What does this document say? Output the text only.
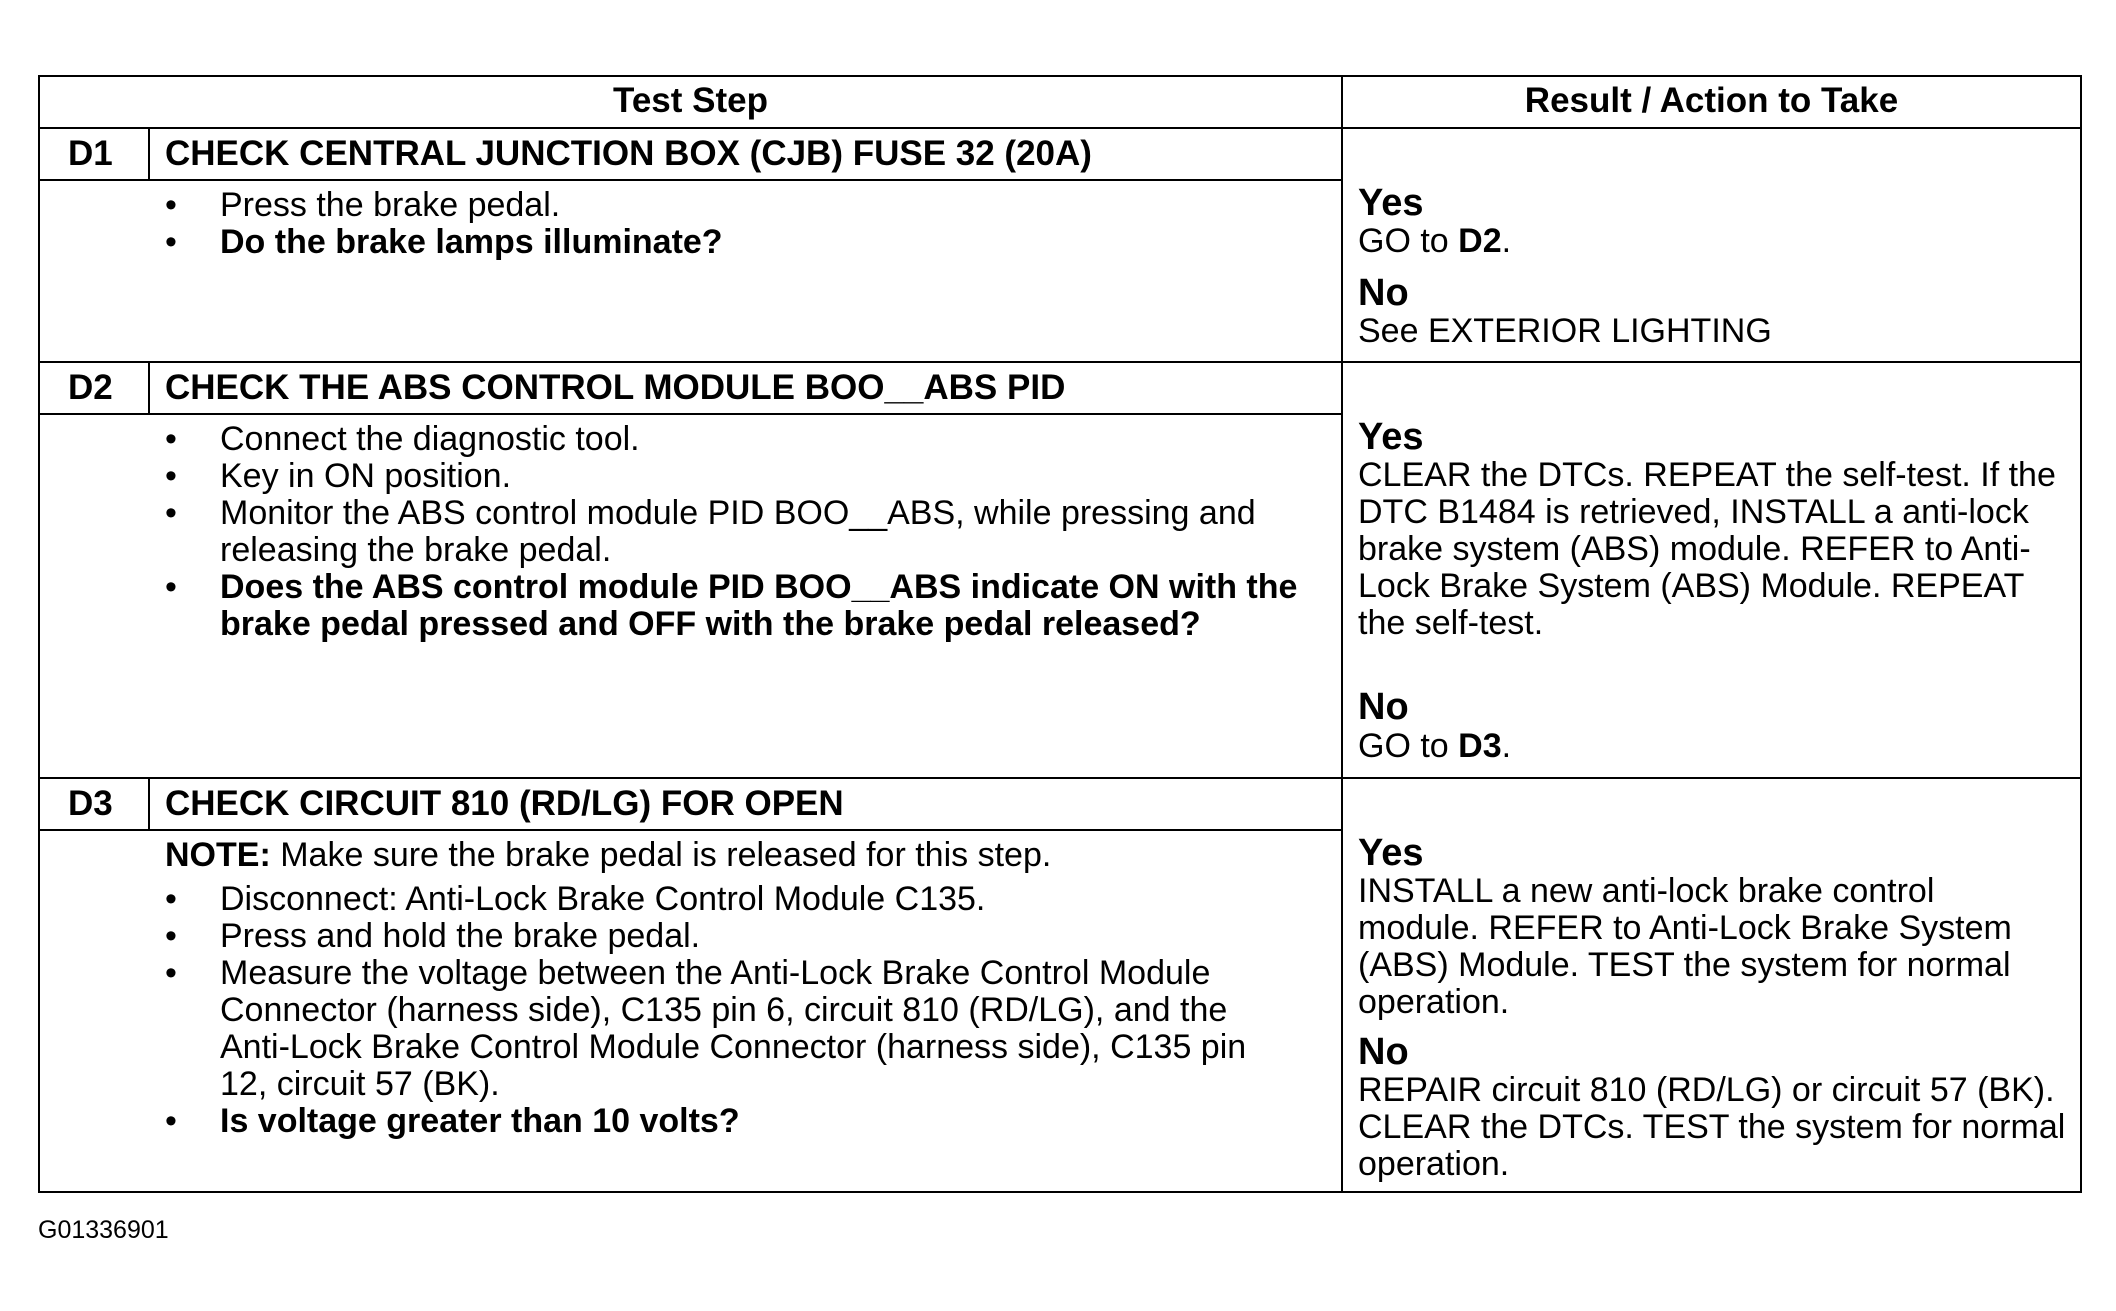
Test Step	Result / Action to Take
D1 CHECK CENTRAL JUNCTION BOX (CJB) FUSE 32 (20A)
• Press the brake pedal.
• Do the brake lamps illuminate?
Yes
GO to D2.
No
See EXTERIOR LIGHTING
D2 CHECK THE ABS CONTROL MODULE BOO__ABS PID
• Connect the diagnostic tool.
• Key in ON position.
• Monitor the ABS control module PID BOO__ABS, while pressing and releasing the brake pedal.
• Does the ABS control module PID BOO__ABS indicate ON with the brake pedal pressed and OFF with the brake pedal released?
Yes
CLEAR the DTCs. REPEAT the self-test. If the DTC B1484 is retrieved, INSTALL a anti-lock brake system (ABS) module. REFER to Anti-Lock Brake System (ABS) Module. REPEAT the self-test.
No
GO to D3.
D3 CHECK CIRCUIT 810 (RD/LG) FOR OPEN
NOTE: Make sure the brake pedal is released for this step.
• Disconnect: Anti-Lock Brake Control Module C135.
• Press and hold the brake pedal.
• Measure the voltage between the Anti-Lock Brake Control Module Connector (harness side), C135 pin 6, circuit 810 (RD/LG), and the Anti-Lock Brake Control Module Connector (harness side), C135 pin 12, circuit 57 (BK).
• Is voltage greater than 10 volts?
Yes
INSTALL a new anti-lock brake control module. REFER to Anti-Lock Brake System (ABS) Module. TEST the system for normal operation.
No
REPAIR circuit 810 (RD/LG) or circuit 57 (BK). CLEAR the DTCs. TEST the system for normal operation.
G01336901
